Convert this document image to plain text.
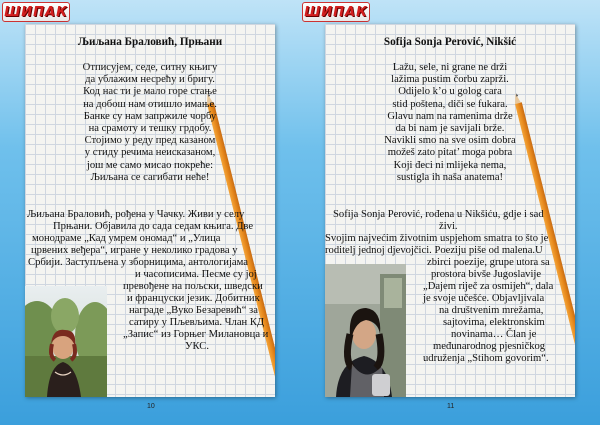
ШИПАК
Љиљана Браловић, Прњани
Отписујем, седе, ситну књигу
да ублажим несрећу и бригу.
Код нас ти је мало горе стање
на добош нам отишло имање.
Банке су нам запржиле чорбу
на срамоту и тешку грдобу.
Стојимо у реду пред казаном
у стиду речима неисказаном,
још ме само мисао покреће:
Љиљана се сагибати неће!
Љиљана Браловић, рођена у Чачку. Живи у селу
Прњани. Објавила до сада седам књига. Две
монодраме „Кад умрем ономад“ и „Улица
црвених веђера“, игране у неколико градова у
Србији. Заступљена у зборницима, антологијама
и часописима. Песме су јој
превођене на пољски, шведски
и француски језик. Добитник
награде „Вуко Безаревић“ за
сатиру у Пљевљима. Члан КД
„Запис“ из Горњег Милановца и
УКС.
10
ШИПАК
Sofija Sonja Perović, Nikšić
Lažu, sele, ni grane ne drži
lažima pustim čorbu zaprži.
Odijelo k’o u golog cara
stid poštena, diči se fukara.
Glavu nam na ramenima drže
da bi nam je savijali brže.
Navikli smo na sve osim dobra
možeš zato pitat’ moga pobra
Koji đeci ni mlijeka nema,
sustigla ih naša anatema!
Sofija Sonja Perović, rođena u Nikšiću, gdje i sad
živi.
Svojim najvećim životnim uspjehom smatra to što je
roditelj jednoj djevojčici. Poeziju piše od malena.U
zbirci poezije, grupe utora sa
prostora bivše Jugoslavije
„Dajem riječ za osmijeh“, dala
je svoje učešće. Objavljivala
na društvenim mrežama,
sajtovima, elektronskim
novinama… Član je
međunarodnog pjesničkog
udruženja „Stihom govorim“.
11
